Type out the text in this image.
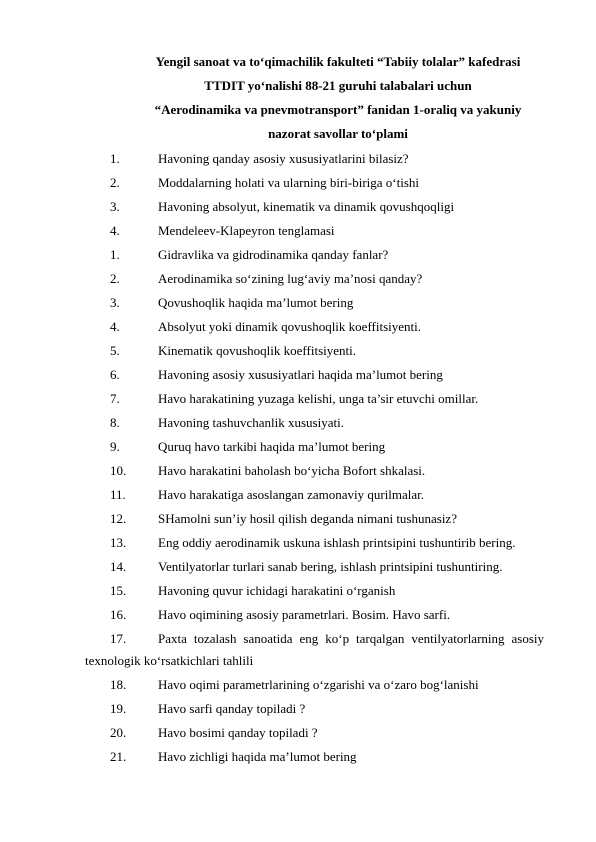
Yengil sanoat va to‘qimachilik fakulteti “Tabiiy tolalar” kafedrasi
TTDIT yo‘nalishi 88-21 guruhi talabalari uchun
“Aerodinamika va pnevmotransport” fanidan 1-oraliq va yakuniy
nazorat savollar to‘plami
1.	Havoning qanday asosiy xususiyatlarini bilasiz?
2.	Moddalarning holati va ularning biri-biriga o‘tishi
3.	Havoning absolyut, kinematik va dinamik qovushqoqligi
4.	Mendeleev-Klapeyron tenglamasi
1.	Gidravlika va gidrodinamika qanday fanlar?
2.	Aerodinamika so‘zining lug‘aviy ma’nosi qanday?
3.	Qovushoqlik haqida ma’lumot bering
4.	Absolyut yoki dinamik qovushoqlik koeffitsiyenti.
5.	Kinematik qovushoqlik koeffitsiyenti.
6.	Havoning asosiy xususiyatlari haqida ma’lumot bering
7.	Havo harakatining yuzaga kelishi, unga ta’sir etuvchi omillar.
8.	Havoning tashuvchanlik xususiyati.
9.	Quruq havo tarkibi haqida ma’lumot bering
10. Havo harakatini baholash bo‘yicha Bofort shkalasi.
11. Havo harakatiga asoslangan zamonaviy qurilmalar.
12. SHamolni sun’iy hosil qilish deganda nimani tushunasiz?
13. Eng oddiy aerodinamik uskuna ishlash printsipini tushuntirib bering.
14. Ventilyatorlar turlari sanab bering, ishlash printsipini tushuntiring.
15. Havoning quvur ichidagi harakatini o‘rganish
16. Havo oqimining asosiy parametrlari. Bosim. Havo sarfi.
17. Paxta tozalash sanoatida eng ko‘p tarqalgan ventilyatorlarning asosiy
texnologik ko‘rsatkichlari tahlili
18. Havo oqimi parametrlarining o‘zgarishi va o‘zaro bog‘lanishi
19. Havo sarfi qanday topiladi ?
20. Havo bosimi qanday topiladi ?
21. Havo zichligi haqida ma’lumot bering
